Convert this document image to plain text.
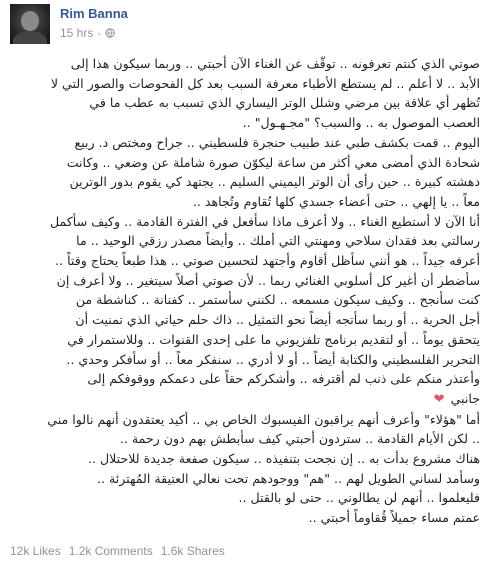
Rim Banna
15 hrs ·

صوتي الذي كنتم تعرفونه .. توقّف عن الغناء الآن أحبتي .. وربما سيكون هذا إلى

الأبد .. لا أعلم .. لم يستطع الأطباء معرفة السبب بعد كل الفحوصات والصور التي لا

تُظهر أي علاقة بين مرضي وشلل الوتر اليساري الذي تسبب به عطب ما في

العصب الموصول به .. والسبب؟ "مجـهـول" ..

اليوم .. قمت بكشف طبي عند طبيب حنجرة فلسطيني .. جراح ومختص د. ربيع

شحادة الذي أمضى معي أكثر من ساعة ليكوّن صورة شاملة عن وضعي .. وكانت

دهشته كبيرة .. حين رأى أن الوتر اليميني السليم .. يجتهد كي يقوم بدور الوترين

معاً .. يا إلهي .. حتى أعضاء جسدي كلها تُقاوم وتُجاهد ..

أنا الآن لا أستطيع الغناء .. ولا أعرف ماذا سأفعل في الفترة القادمة .. وكيف سأكمل

رسالتي بعد فقدان سلاحي ومهنتي التي أملك .. وأيضاً مصدر رزقي الوحيد .. ما

أعرفه جيداً .. هو أنني سأظل أقاوم وأجتهد لتحسين صوتي .. هذا طبعاً يحتاج وقتاً ..

سأضطر أن أغير كل أسلوبي الغنائي ربما .. لأن صوتي أصلاً سيتغير .. ولا أعرف إن

كنت سأنجح .. وكيف سيكون مسمعه .. لكنني سأستمر .. كفنانة .. كناشطة من

أجل الحرية .. أو ربما سأتجه أيضاً نحو التمثيل .. ذاك حلم حياتي الذي تمنيت أن

يتحقق يوماً .. أو لتقديم برنامج تلفزيوني ما على إحدى القنوات .. وللاستمرار في

التحرير الفلسطيني والكتابة أيضاً .. أو لا أدري .. سنفكر معاً .. أو سأفكر وحدي ..

وأعتذر منكم على ذنب لم أقترفه .. وأشكركم حقاً على دعمكم ووقوفكم إلى

جانبي ❤

أما "هؤلاء" وأعرف أنهم يراقبون الفيسبوك الخاص بي .. أكيد يعتقدون أنهم نالوا مني

.. لكن الأيام القادمة .. ستردون أحبتي كيف سأبطش بهم دون رحمة ..

هناك مشروع بدأت به .. إن نجحت بتنفيذه .. سيكون صفعة جديدة للاحتلال ..

وسأمد لساني الطويل لهم .. "هم" ووجودهم تحت نعالي العتيقة المُهترئة ..

فليعلموا .. أنهم لن يطالوني .. حتى لو بالقتل ..

عمتم مساء جميلاً قُقاوماً أحبتي ..

12k Likes 1.2k Comments 1.6k Shares
